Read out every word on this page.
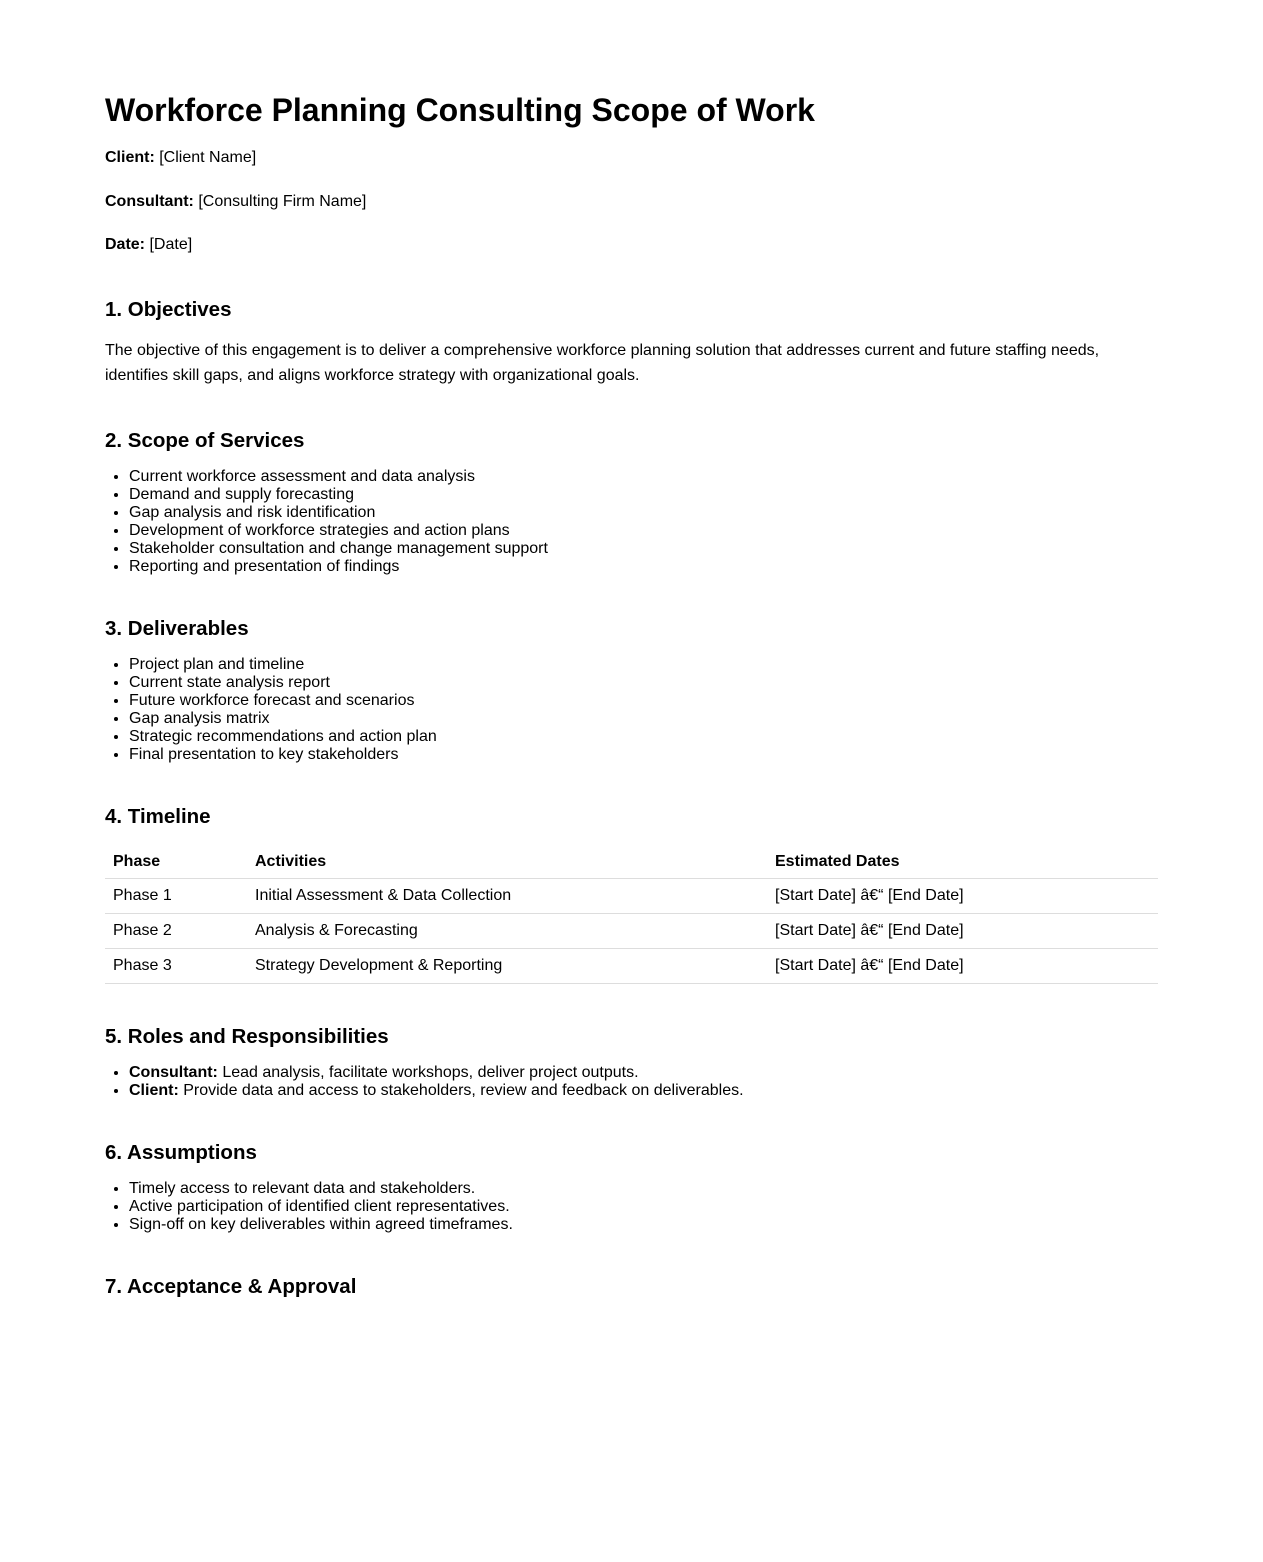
Workforce Planning Consulting Scope of Work

Client: [Client Name]

Consultant: [Consulting Firm Name]

Date: [Date]

1. Objectives

The objective of this engagement is to deliver a comprehensive workforce planning solution that addresses current and future staffing needs, identifies skill gaps, and aligns workforce strategy with organizational goals.

2. Scope of Services
• Current workforce assessment and data analysis
• Demand and supply forecasting
• Gap analysis and risk identification
• Development of workforce strategies and action plans
• Stakeholder consultation and change management support
• Reporting and presentation of findings
3. Deliverables
• Project plan and timeline
• Current state analysis report
• Future workforce forecast and scenarios
• Gap analysis matrix
• Strategic recommendations and action plan
• Final presentation to key stakeholders
4. Timeline
Phase	Activities	Estimated Dates
Phase 1	Initial Assessment & Data Collection	[Start Date] â€“ [End Date]
Phase 2	Analysis & Forecasting	[Start Date] â€“ [End Date]
Phase 3	Strategy Development & Reporting	[Start Date] â€“ [End Date]
5. Roles and Responsibilities
• Consultant: Lead analysis, facilitate workshops, deliver project outputs.
• Client: Provide data and access to stakeholders, review and feedback on deliverables.
6. Assumptions
• Timely access to relevant data and stakeholders.
• Active participation of identified client representatives.
• Sign-off on key deliverables within agreed timeframes.
7. Acceptance & Approval
